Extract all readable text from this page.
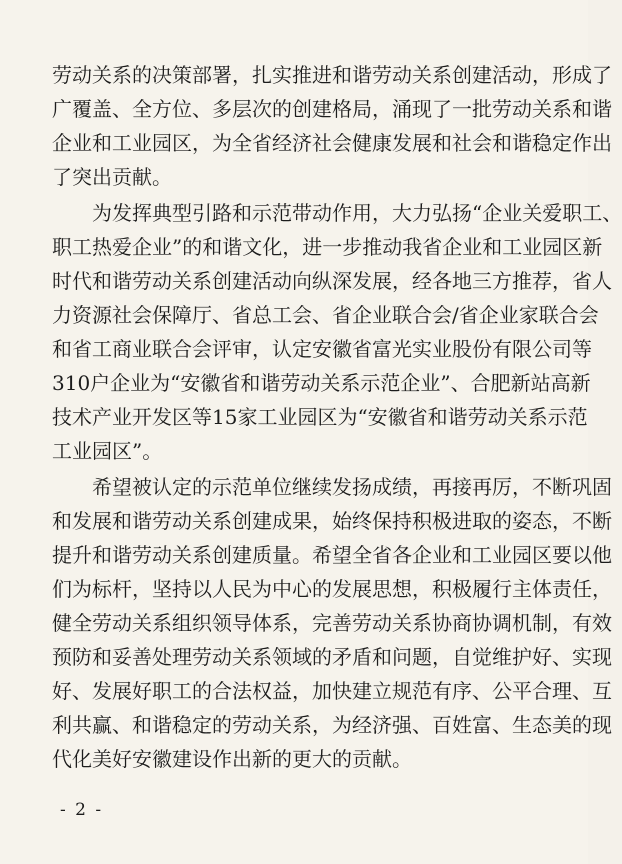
劳动关系的决策部署，扎实推进和谐劳动关系创建活动，形成了
广覆盖、全方位、多层次的创建格局，涌现了一批劳动关系和谐
企业和工业园区，为全省经济社会健康发展和社会和谐稳定作出
了突出贡献。
　　为发挥典型引路和示范带动作用，大力弘扬“企业关爱职工、
职工热爱企业”的和谐文化，进一步推动我省企业和工业园区新
时代和谐劳动关系创建活动向纵深发展，经各地三方推荐，省人
力资源社会保障厅、省总工会、省企业联合会/省企业家联合会
和省工商业联合会评审，认定安徽省富光实业股份有限公司等
310户企业为“安徽省和谐劳动关系示范企业”、合肥新站高新
技术产业开发区等15家工业园区为“安徽省和谐劳动关系示范
工业园区”。
　　希望被认定的示范单位继续发扬成绩，再接再厉，不断巩固
和发展和谐劳动关系创建成果，始终保持积极进取的姿态，不断
提升和谐劳动关系创建质量。希望全省各企业和工业园区要以他
们为标杆，坚持以人民为中心的发展思想，积极履行主体责任，
健全劳动关系组织领导体系，完善劳动关系协商协调机制，有效
预防和妥善处理劳动关系领域的矛盾和问题，自觉维护好、实现
好、发展好职工的合法权益，加快建立规范有序、公平合理、互
利共赢、和谐稳定的劳动关系，为经济强、百姓富、生态美的现
代化美好安徽建设作出新的更大的贡献。
- 2 -
